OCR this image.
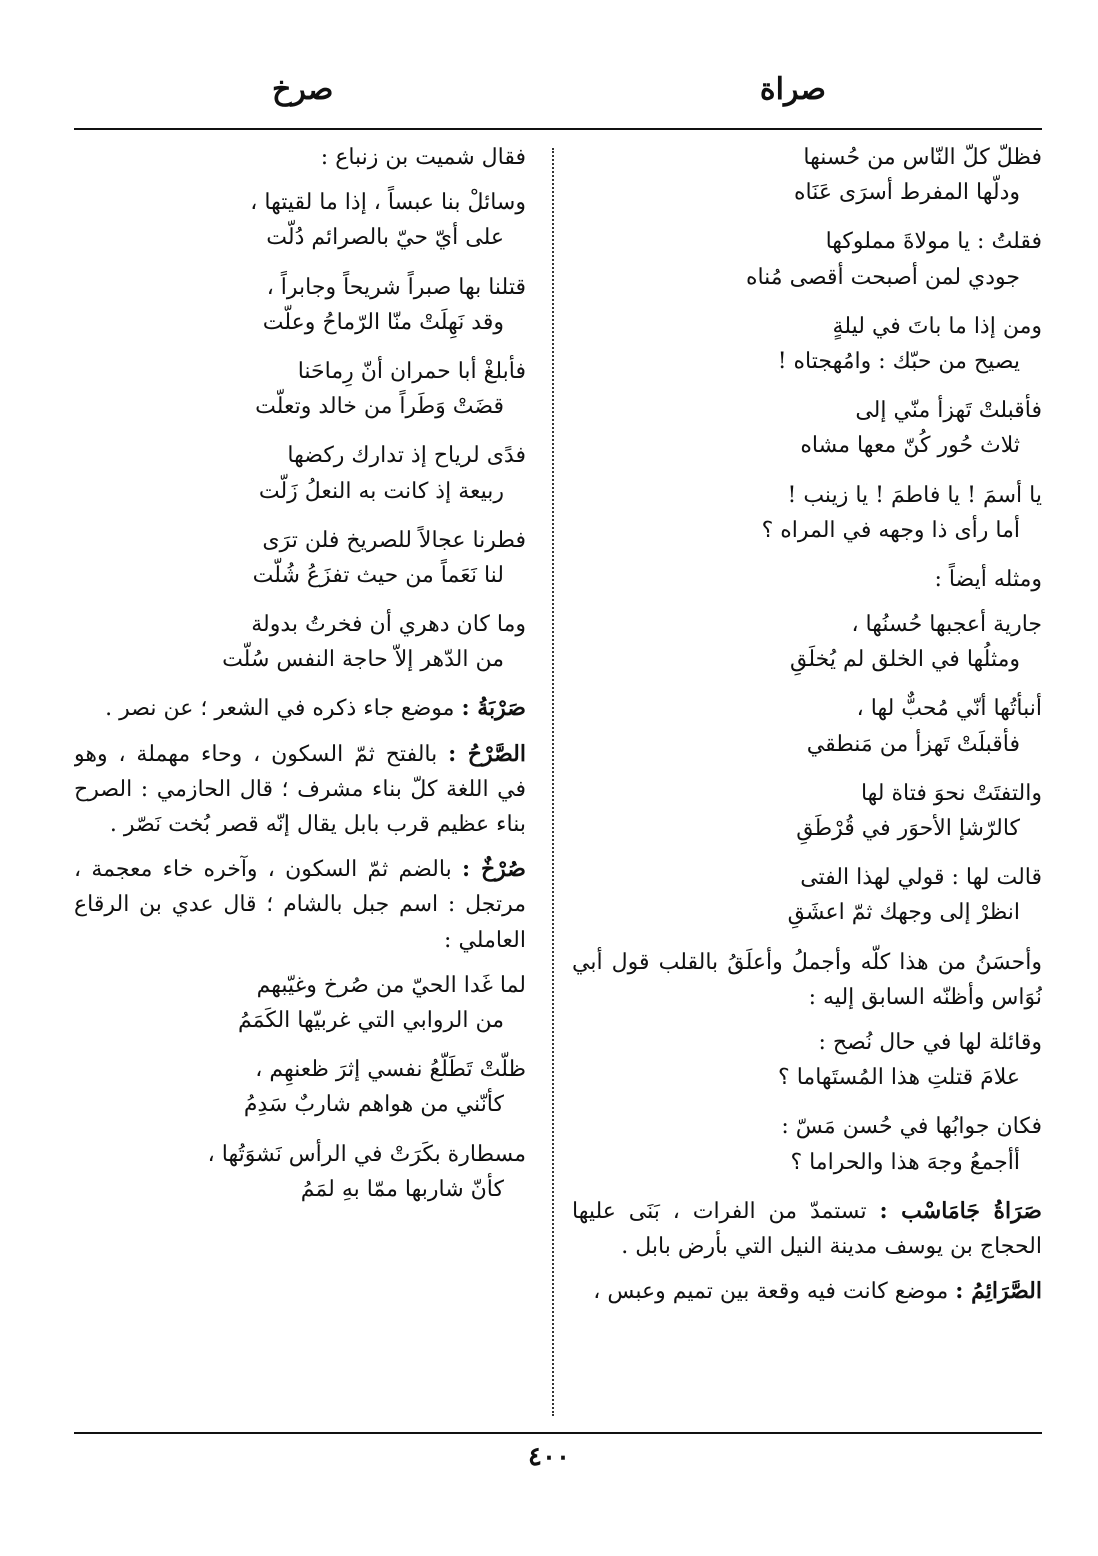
صراة
صرخ
فظلّ كلّ النّاس من حُسنها
ودلّها المفرط أسرَى عَنَاه
فقلتُ : يا مولاةَ مملوكها
جودي لمن أصبحت أقصى مُناه
ومن إذا ما باتَ في ليلةٍ
يصيح من حبّك : وامُهجتاه !
فأقبلتْ تَهزأ منّي إلى
ثلاث حُور كُنّ معها مشاه
يا أسمَ ! يا فاطمَ ! يا زينب !
أما رأى ذا وجهه في المراه ؟

ومثله أيضاً :

جارية أعجبها حُسنُها ،
ومثلُها في الخلق لم يُخلَقِ
أنبأتُها أنّي مُحبٌّ لها ،
فأقبلَتْ تَهزأ من مَنطقي
والتفتَتْ نحوَ فتاة لها
كالرّشإ الأحوَر في قُرْطَقِ
قالت لها : قولي لهذا الفتى
انظرْ إلى وجهك ثمّ اعشَقِ

وأحسَنُ من هذا كلّه وأجملُ وأعلَقُ بالقلب قول أبي نُوَاس وأظنّه السابق إليه :

وقائلة لها في حال نُصح :
علامَ قتلتِ هذا المُستَهاما ؟
فكان جوابُها في حُسن مَسّ :
أأجمعُ وجهَ هذا والحراما ؟

صَرَاةُ جَامَاسْب : تستمدّ من الفرات ، بَنَى عليها الحجاج بن يوسف مدينة النيل التي بأرض بابل .

الصَّرَائِمُ : موضع كانت فيه وقعة بين تميم وعبس ،

فقال شميت بن زنباع :

وسائلْ بنا عبساً ، إذا ما لقيتها ،
على أيّ حيّ بالصرائم دُلّت
قتلنا بها صبراً شريحاً وجابراً ،
وقد نَهِلَتْ منّا الرّماحُ وعلّت
فأبلغْ أبا حمران أنّ رِماحَنا
قضَتْ وَطَراً من خالد وتعلّت
فدًى لرياح إذ تدارك ركضها
ربيعة إذ كانت به النعلُ زَلّت
فطرنا عجالاً للصريخ فلن ترَى
لنا نَعَماً من حيث تفزَعُ شُلّت
وما كان دهري أن فخرتُ بدولة
من الدّهر إلاّ حاجة النفس سُلّت

صَرْبَةُ : موضع جاء ذكره في الشعر ؛ عن نصر .

الصَّرْحُ : بالفتح ثمّ السكون ، وحاء مهملة ، وهو في اللغة كلّ بناء مشرف ؛ قال الحازمي : الصرح بناء عظيم قرب بابل يقال إنّه قصر بُخت نَصّر .

صُرْخٌ : بالضم ثمّ السكون ، وآخره خاء معجمة ، مرتجل : اسم جبل بالشام ؛ قال عدي بن الرقاع العاملي :

لما غَدا الحيّ من صُرخ وغيّبهم
من الروابي التي غربيّها الكَمَمُ
ظلّتْ تَطَلّعُ نفسي إثرَ ظعنهِم ،
كأنّني من هواهم شاربٌ سَدِمُ
مسطارة بكَرَتْ في الرأس نَشوَتُها ،
كأنّ شاربها ممّا بهِ لمَمُ
٤٠٠
